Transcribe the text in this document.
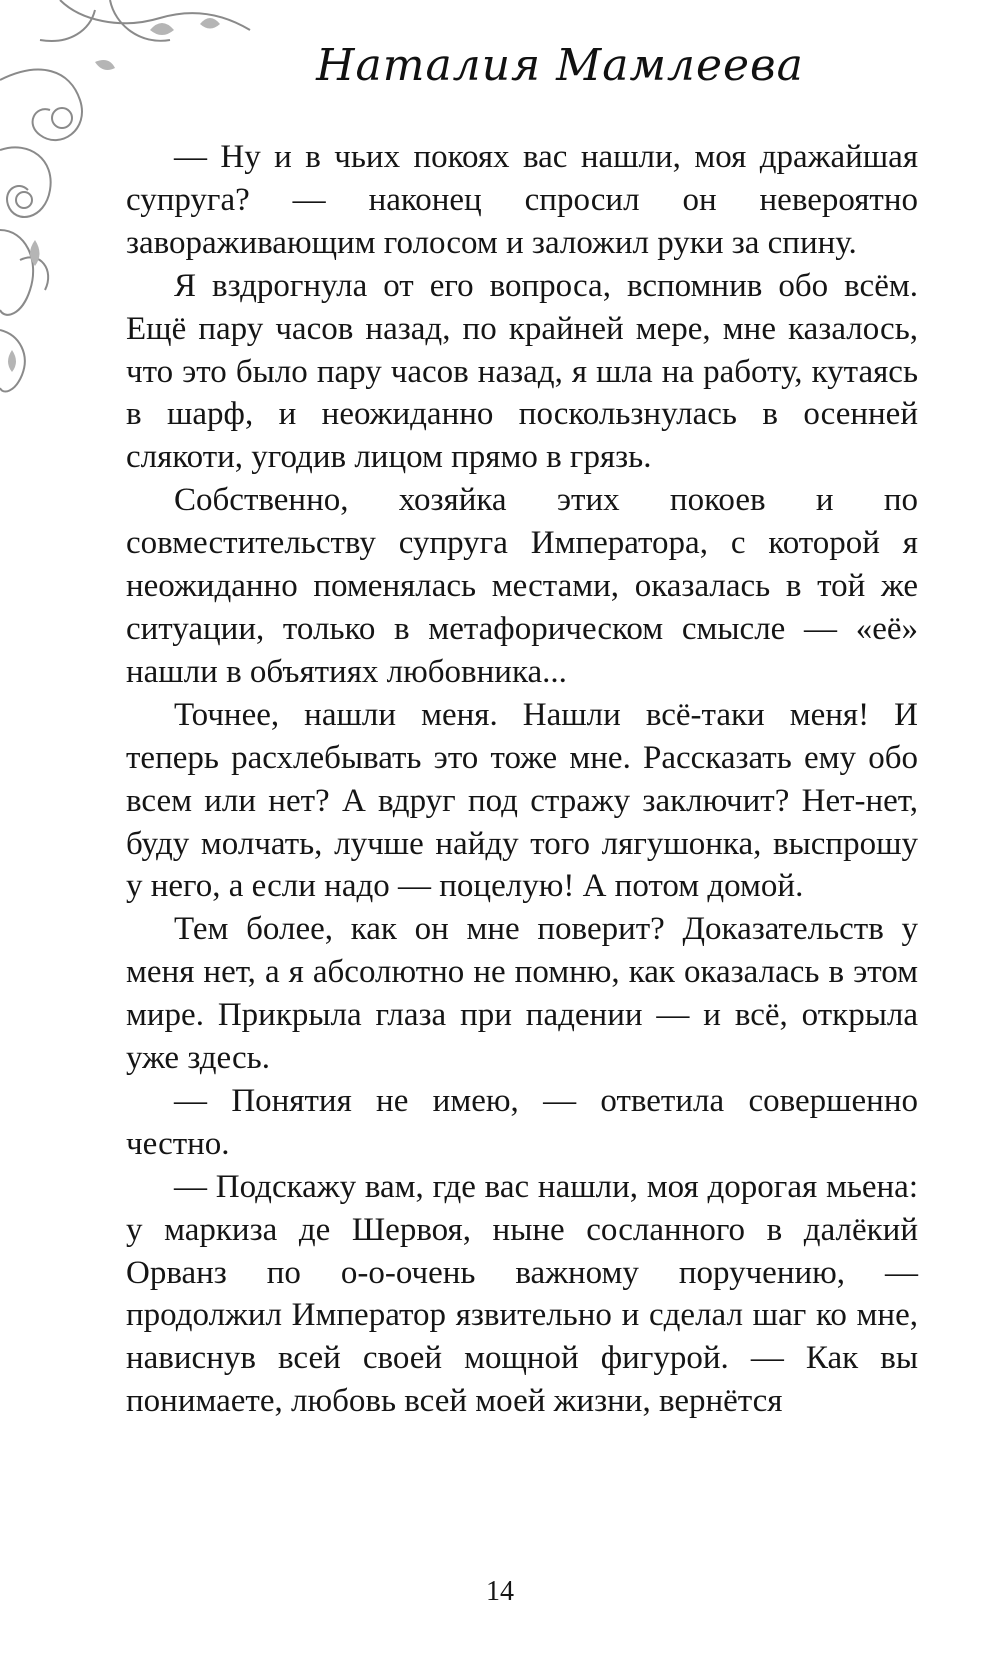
Наталия Мамлеева

— Ну и в чьих покоях вас нашли, моя дражайшая супруга? — наконец спросил он невероятно завораживающим голосом и заложил руки за спину.

Я вздрогнула от его вопроса, вспомнив обо всём. Ещё пару часов назад, по крайней мере, мне казалось, что это было пару часов назад, я шла на работу, кутаясь в шарф, и неожиданно поскользнулась в осенней слякоти, угодив лицом прямо в грязь.

Собственно, хозяйка этих покоев и по совместительству супруга Императора, с которой я неожиданно поменялась местами, оказалась в той же ситуации, только в метафорическом смысле — «её» нашли в объятиях любовника...

Точнее, нашли меня. Нашли всё-таки меня! И теперь расхлебывать это тоже мне. Рассказать ему обо всем или нет? А вдруг под стражу заключит? Нет-нет, буду молчать, лучше найду того лягушонка, выспрошу у него, а если надо — поцелую! А потом домой.

Тем более, как он мне поверит? Доказательств у меня нет, а я абсолютно не помню, как оказалась в этом мире. Прикрыла глаза при падении — и всё, открыла уже здесь.

— Понятия не имею, — ответила совершенно честно.

— Подскажу вам, где вас нашли, моя дорогая мьена: у маркиза де Шервоя, ныне сосланного в далёкий Орванз по о-о-очень важному поручению, — продолжил Император язвительно и сделал шаг ко мне, нависнув всей своей мощной фигурой. — Как вы понимаете, любовь всей моей жизни, вернётся

14
